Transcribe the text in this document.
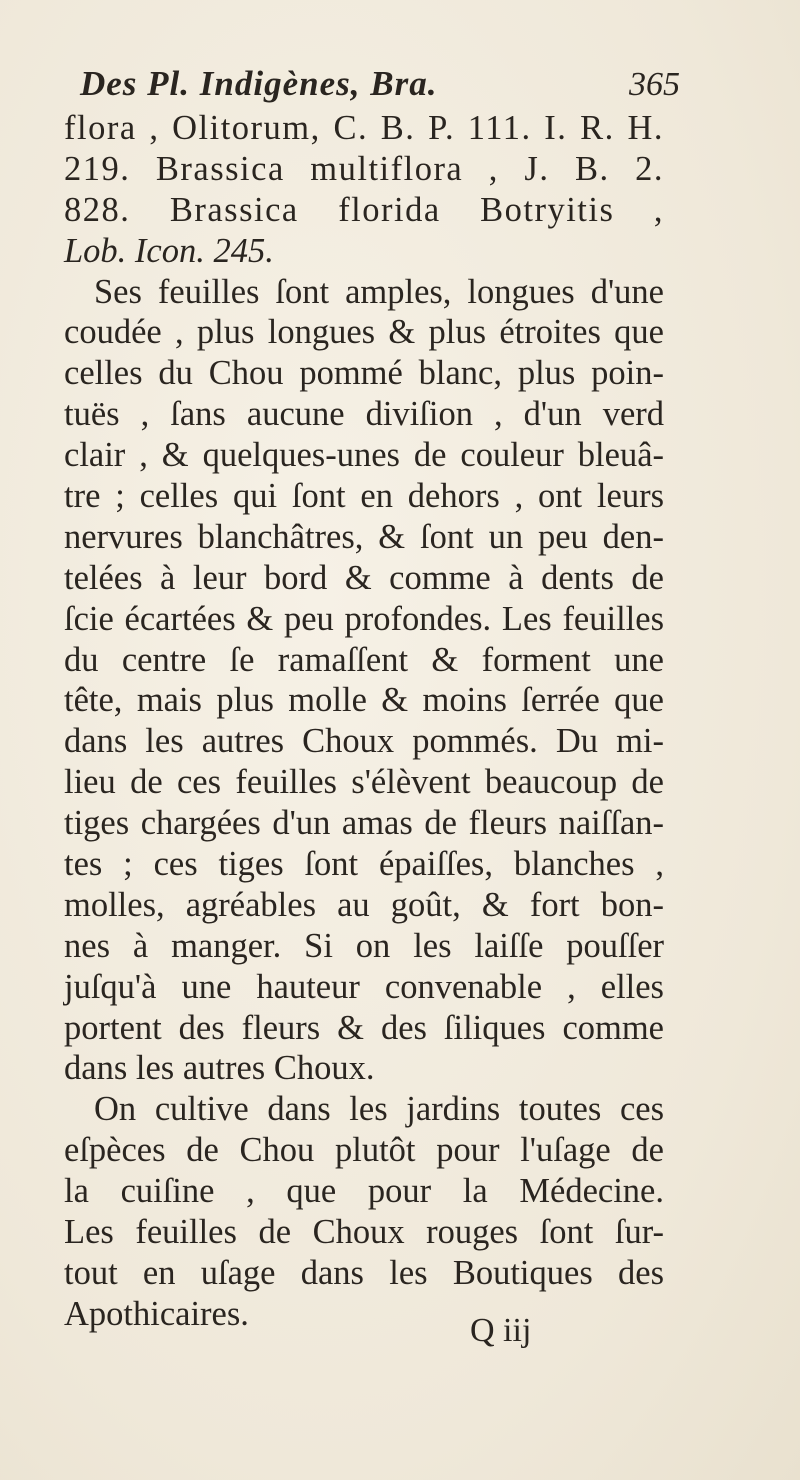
Des Pl. Indigènes, Bra.	365
flora , Olitorum, C. B. P. 111. I. R. H.
219. Brassica multiflora , J. B. 2.
828. Brassica florida Botryitis ,
Lob. Icon. 245.
Ses feuilles ſont amples, longues d'une
coudée , plus longues & plus étroites que
celles du Chou pommé blanc, plus poin-
tuës , ſans aucune diviſion , d'un verd
clair , & quelques-unes de couleur bleuâ-
tre ; celles qui ſont en dehors , ont leurs
nervures blanchâtres, & ſont un peu den-
telées à leur bord & comme à dents de
ſcie écartées & peu profondes. Les feuilles
du centre ſe ramaſſent & forment une
tête, mais plus molle & moins ſerrée que
dans les autres Choux pommés. Du mi-
lieu de ces feuilles s'élèvent beaucoup de
tiges chargées d'un amas de fleurs naiſſan-
tes ; ces tiges ſont épaiſſes, blanches ,
molles, agréables au goût, & fort bon-
nes à manger. Si on les laiſſe pouſſer
juſqu'à une hauteur convenable , elles
portent des fleurs & des ſiliques comme
dans les autres Choux.
On cultive dans les jardins toutes ces
eſpèces de Chou plutôt pour l'uſage de
la cuiſine , que pour la Médecine.
Les feuilles de Choux rouges ſont ſur-
tout en uſage dans les Boutiques des
Apothicaires.	Q iij
